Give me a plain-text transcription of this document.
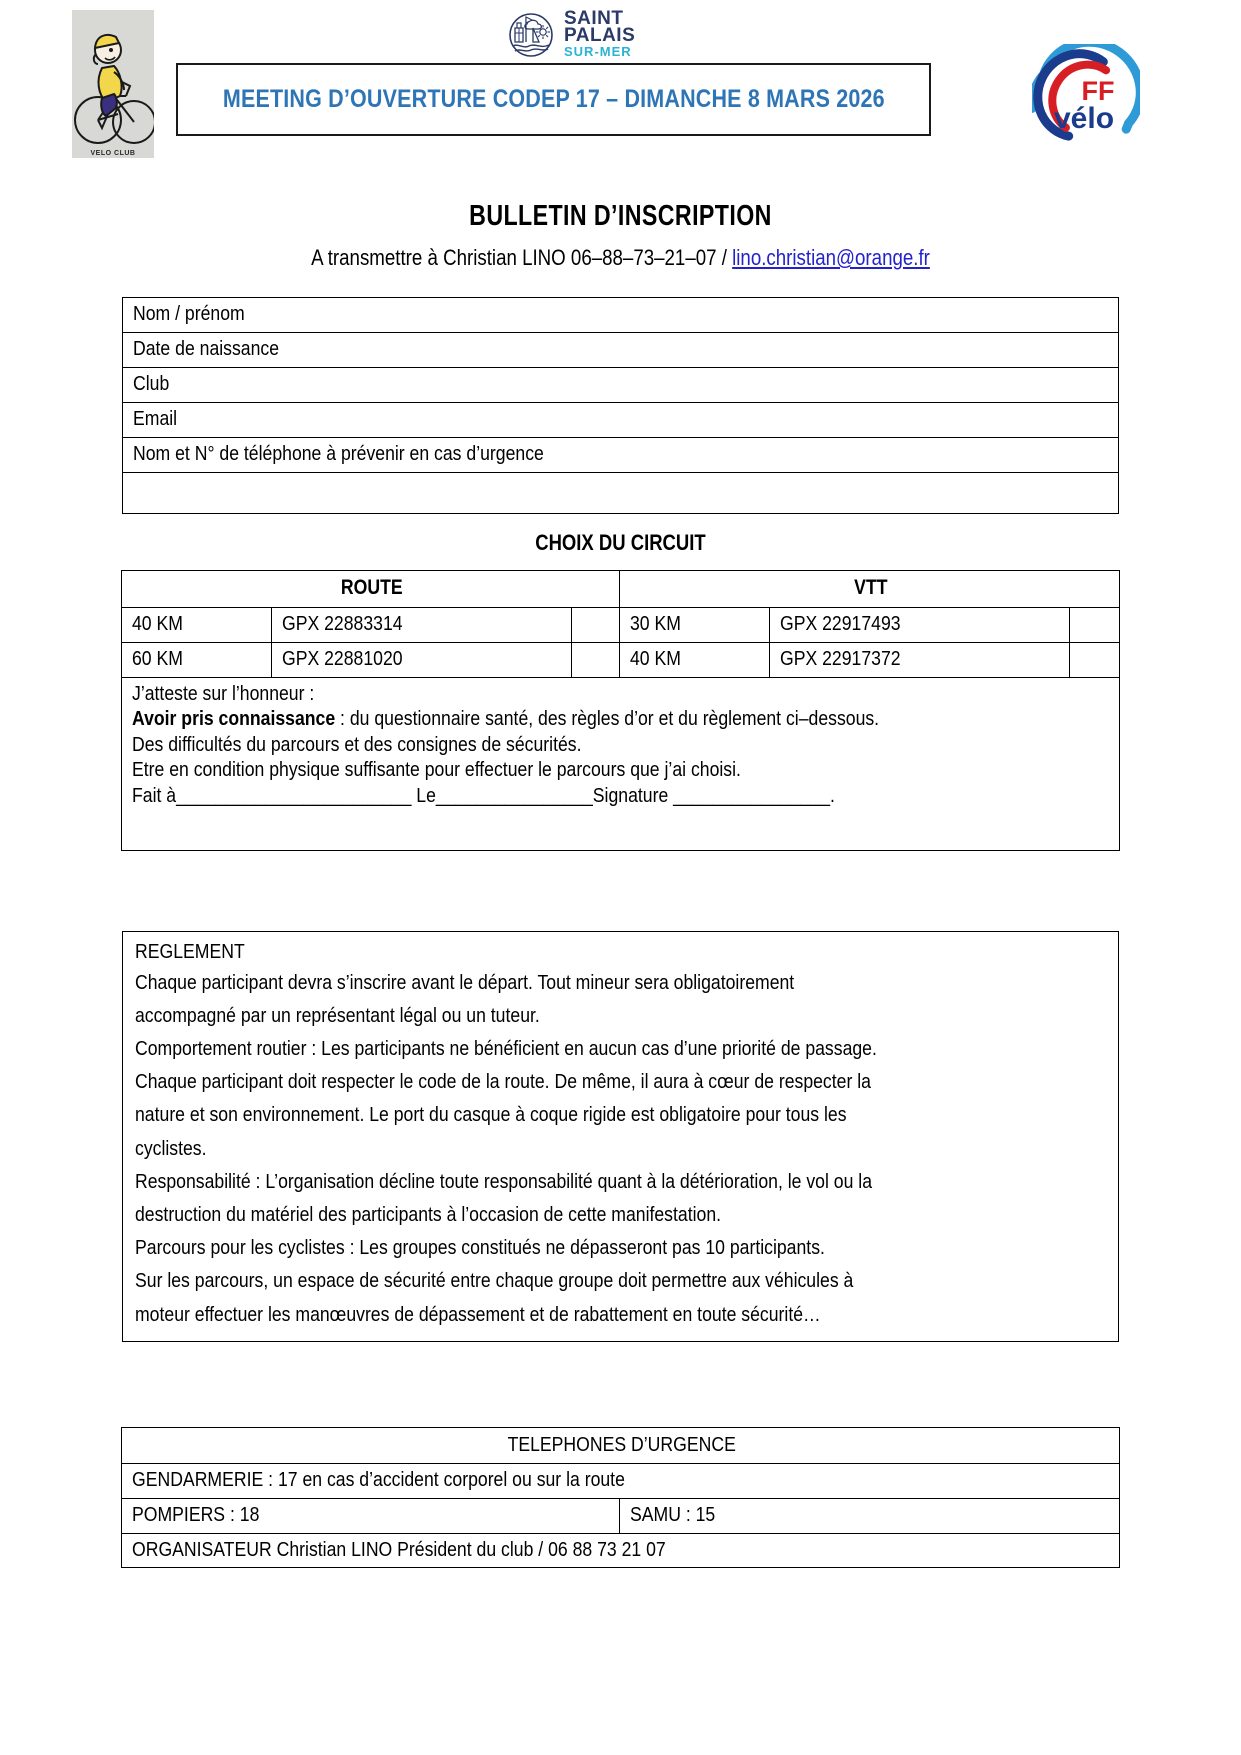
VELO CLUB
SAINT
PALAIS
SUR-MER
MEETING D’OUVERTURE CODEP 17 – DIMANCHE 8 MARS 2026	FF
vélo
BULLETIN D’INSCRIPTION
A transmettre à Christian LINO 06–88–73–21–07 / lino.christian@orange.fr
Nom / prénom
Date de naissance
Club
Email
Nom et N° de téléphone à prévenir en cas d’urgence

CHOIX DU CIRCUIT
ROUTE			VTT		
40 KM	GPX 22883314		30 KM	GPX 22917493	
60 KM	GPX 22881020		40 KM	GPX 22917372	

J’atteste sur l’honneur :
Avoir pris connaissance : du questionnaire santé, des règles d’or et du règlement ci–dessous.
Des difficultés du parcours et des consignes de sécurités.
Etre en condition physique suffisante pour effectuer le parcours que j’ai choisi.
Fait à________________________ Le________________Signature ________________.					
REGLEMENT
Chaque participant devra s’inscrire avant le départ. Tout mineur sera obligatoirement
accompagné par un représentant légal ou un tuteur.
Comportement routier : Les participants ne bénéficient en aucun cas d’une priorité de passage.
Chaque participant doit respecter le code de la route. De même, il aura à cœur de respecter la
nature et son environnement. Le port du casque à coque rigide est obligatoire pour tous les
cyclistes.
Responsabilité : L’organisation décline toute responsabilité quant à la détérioration, le vol ou la
destruction du matériel des participants à l’occasion de cette manifestation.
Parcours pour les cyclistes : Les groupes constitués ne dépasseront pas 10 participants.
Sur les parcours, un espace de sécurité entre chaque groupe doit permettre aux véhicules à
moteur effectuer les manœuvres de dépassement et de rabattement en toute sécurité…
TELEPHONES D’URGENCE
GENDARMERIE : 17 en cas d’accident corporel ou sur la route
POMPIERS : 18	SAMU : 15
ORGANISATEUR Christian LINO Président du club / 06 88 73 21 07
